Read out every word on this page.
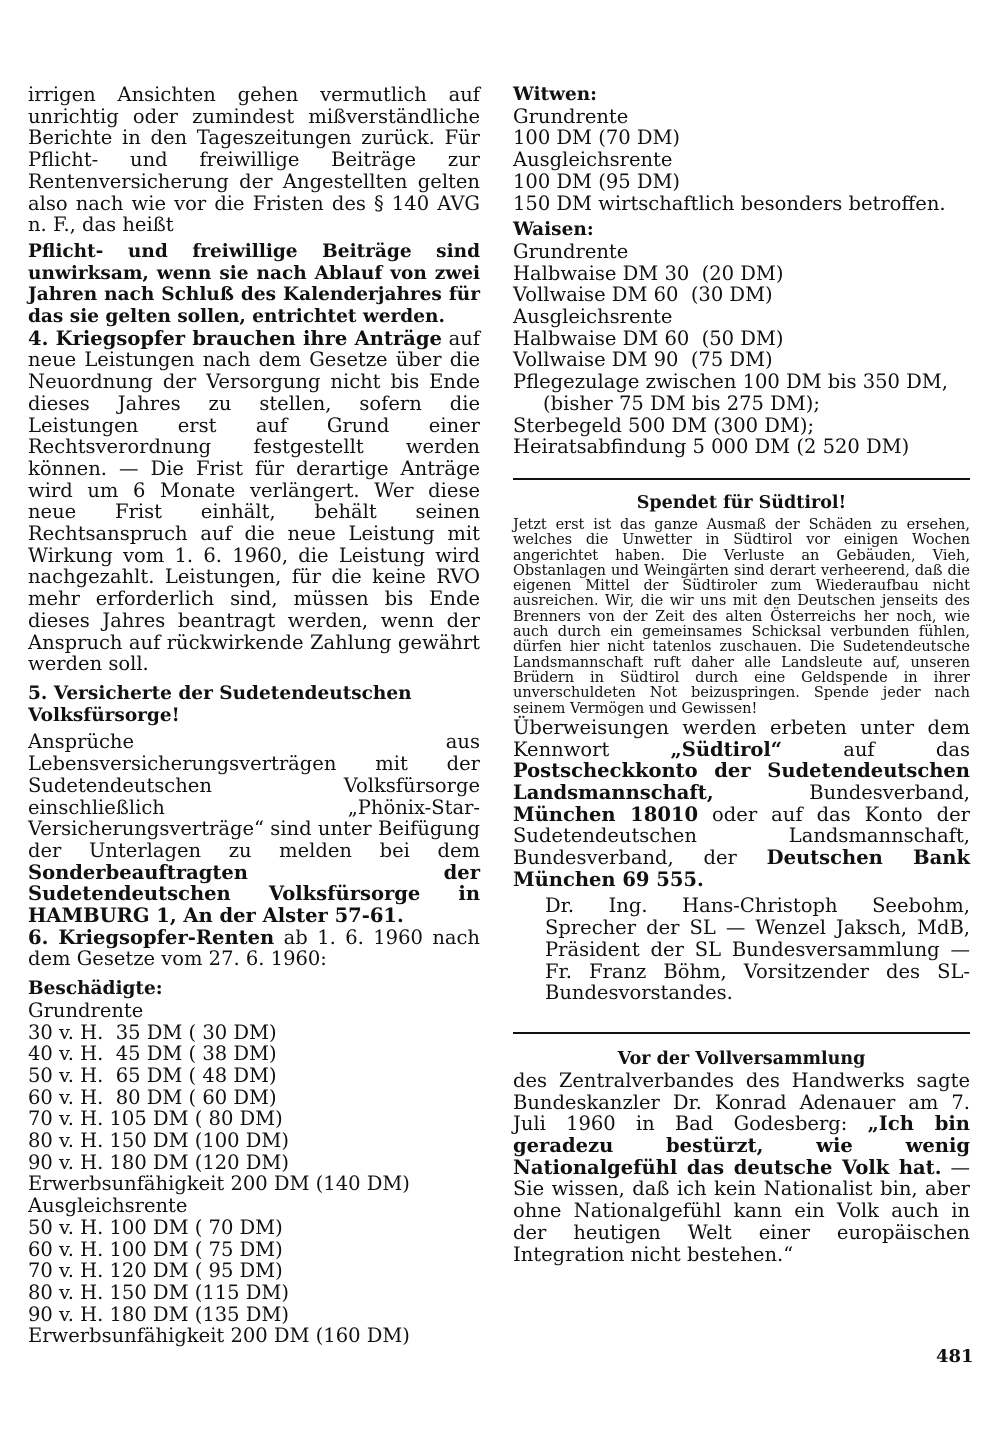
irrigen Ansichten gehen vermutlich auf unrichtig oder zumindest mißverständliche Berichte in den Tageszeitungen zurück. Für Pflicht- und freiwillige Beiträge zur Rentenversicherung der Angestellten gelten also nach wie vor die Fristen des § 140 AVG n. F., das heißt

Pflicht- und freiwillige Beiträge sind unwirksam, wenn sie nach Ablauf von zwei Jahren nach Schluß des Kalenderjahres für das sie gelten sollen, entrichtet werden.

4. Kriegsopfer brauchen ihre Anträge auf neue Leistungen nach dem Gesetze über die Neuordnung der Versorgung nicht bis Ende dieses Jahres zu stellen, sofern die Leistungen erst auf Grund einer Rechtsverordnung festgestellt werden können. — Die Frist für derartige Anträge wird um 6 Monate verlängert. Wer diese neue Frist einhält, behält seinen Rechtsanspruch auf die neue Leistung mit Wirkung vom 1. 6. 1960, die Leistung wird nachgezahlt. Leistungen, für die keine RVO mehr erforderlich sind, müssen bis Ende dieses Jahres beantragt werden, wenn der Anspruch auf rückwirkende Zahlung gewährt werden soll.

5. Versicherte der Sudetendeutschen Volksfürsorge!

Ansprüche aus Lebensversicherungsverträgen mit der Sudetendeutschen Volksfürsorge einschließlich „Phönix-Star-Versicherungsverträge“ sind unter Beifügung der Unterlagen zu melden bei dem Sonderbeauftragten der Sudetendeutschen Volksfürsorge in HAMBURG 1, An der Alster 57-61.

6. Kriegsopfer-Renten ab 1. 6. 1960 nach dem Gesetze vom 27. 6. 1960:

Beschädigte:

Grundrente

30 v. H.  35 DM ( 30 DM)

40 v. H.  45 DM ( 38 DM)

50 v. H.  65 DM ( 48 DM)

60 v. H.  80 DM ( 60 DM)

70 v. H. 105 DM ( 80 DM)

80 v. H. 150 DM (100 DM)

90 v. H. 180 DM (120 DM)

Erwerbsunfähigkeit 200 DM (140 DM)

Ausgleichsrente

50 v. H. 100 DM ( 70 DM)

60 v. H. 100 DM ( 75 DM)

70 v. H. 120 DM ( 95 DM)

80 v. H. 150 DM (115 DM)

90 v. H. 180 DM (135 DM)

Erwerbsunfähigkeit 200 DM (160 DM)

Witwen:

Grundrente

100 DM (70 DM)

Ausgleichsrente

100 DM (95 DM)

150 DM wirtschaftlich besonders betroffen.

Waisen:

Grundrente

Halbwaise DM 30  (20 DM)

Vollwaise DM 60  (30 DM)

Ausgleichsrente

Halbwaise DM 60  (50 DM)

Vollwaise DM 90  (75 DM)

Pflegezulage zwischen 100 DM bis 350 DM,

(bisher 75 DM bis 275 DM);

Sterbegeld 500 DM (300 DM);

Heiratsabfindung 5 000 DM (2 520 DM)

Spendet für Südtirol!

Jetzt erst ist das ganze Ausmaß der Schäden zu ersehen, welches die Unwetter in Südtirol vor einigen Wochen angerichtet haben. Die Verluste an Gebäuden, Vieh, Obstanlagen und Weingärten sind derart verheerend, daß die eigenen Mittel der Südtiroler zum Wiederaufbau nicht ausreichen. Wir, die wir uns mit den Deutschen jenseits des Brenners von der Zeit des alten Österreichs her noch, wie auch durch ein gemeinsames Schicksal verbunden fühlen, dürfen hier nicht tatenlos zuschauen. Die Sudetendeutsche Landsmannschaft ruft daher alle Landsleute auf, unseren Brüdern in Südtirol durch eine Geldspende in ihrer unverschuldeten Not beizuspringen. Spende jeder nach seinem Vermögen und Gewissen!

Überweisungen werden erbeten unter dem Kennwort „Südtirol“ auf das Postscheckkonto der Sudetendeutschen Landsmannschaft, Bundesverband, München 18010 oder auf das Konto der Sudetendeutschen Landsmannschaft, Bundesverband, der Deutschen Bank München 69 555.

Dr. Ing. Hans-Christoph Seebohm, Sprecher der SL — Wenzel Jaksch, MdB, Präsident der SL Bundesversammlung — Fr. Franz Böhm, Vorsitzender des SL-Bundesvorstandes.

Vor der Vollversammlung

des Zentralverbandes des Handwerks sagte Bundeskanzler Dr. Konrad Adenauer am 7. Juli 1960 in Bad Godesberg: „Ich bin geradezu bestürzt, wie wenig Nationalgefühl das deutsche Volk hat. — Sie wissen, daß ich kein Nationalist bin, aber ohne Nationalgefühl kann ein Volk auch in der heutigen Welt einer europäischen Integration nicht bestehen.“

481
